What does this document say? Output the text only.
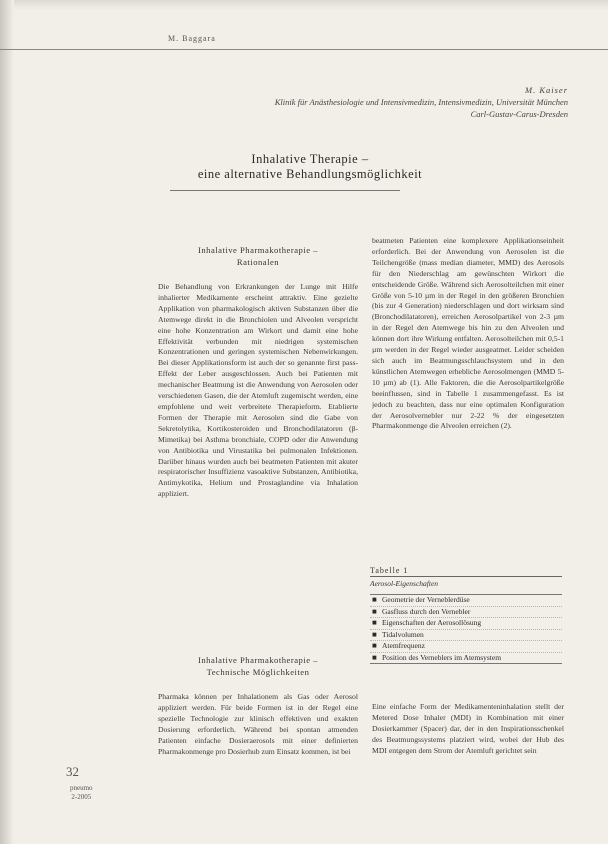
M. Baggara
M. Kaiser
Klinik für Anästhesiologie und Intensivmedizin, Intensivmedizin, Universität München
Carl-Gustav-Carus-Dresden
Inhalative Therapie –
eine alternative Behandlungsmöglichkeit
Inhalative Pharmakotherapie –
Rationalen

Die Behandlung von Erkrankungen der Lunge mit Hilfe inhalierter Medikamente erscheint attraktiv. Eine gezielte Applikation von pharmakologisch aktiven Substanzen über die Atemwege direkt in die Bronchiolen und Alveolen verspricht eine hohe Konzentration am Wirkort und damit eine hohe Effektivität verbunden mit niedrigen systemischen Konzentrationen und geringen systemischen Nebenwirkungen. Bei dieser Applikationsform ist auch der so genannte first pass-Effekt der Leber ausgeschlossen. Auch bei Patienten mit mechanischer Beatmung ist die Anwendung von Aerosolen oder verschiedenen Gasen, die der Atemluft zugemischt werden, eine empfohlene und weit verbreitete Therapieform. Etablierte Formen der Therapie mit Aerosolen sind die Gabe von Sekretolytika, Kortikosteroiden und Bronchodilatatoren (β-Mimetika) bei Asthma bronchiale, COPD oder die Anwendung von Antibiotika und Virustatika bei pulmonalen Infektionen. Darüber hinaus wurden auch bei beatmeten Patienten mit akuter respiratorischer Insuffizienz vasoaktive Substanzen, Antibiotika, Antimykotika, Helium und Prostaglandine via Inhalation appliziert.

Inhalative Pharmakotherapie –
Technische Möglichkeiten

Pharmaka können per Inhalationem als Gas oder Aerosol appliziert werden. Für beide Formen ist in der Regel eine spezielle Technologie zur klinisch effektiven und exakten Dosierung erforderlich. Während bei spontan atmenden Patienten einfache Dosieraerosols mit einer definierten Pharmakonmenge pro Dosierhub zum Einsatz kommen, ist bei

beatmeten Patienten eine komplexere Applikationseinheit erforderlich. Bei der Anwendung von Aerosolen ist die Teilchengröße (mass median diameter, MMD) des Aerosols für den Niederschlag am gewünschten Wirkort die entscheidende Größe. Während sich Aerosolteilchen mit einer Größe von 5-10 µm in der Regel in den größeren Bronchien (bis zur 4 Generation) niederschlagen und dort wirksam sind (Bronchodilatatoren), erreichen Aerosolpartikel von 2-3 µm in der Regel den Atemwege bis hin zu den Alveolen und können dort ihre Wirkung entfalten. Aerosolteilchen mit 0,5-1 µm werden in der Regel wieder ausgeatmet. Leider scheiden sich auch im Beatmungsschlauchsystem und in den künstlichen Atemwegen erhebliche Aerosolmengen (MMD 5-10 µm) ab (1). Alle Faktoren, die die Aerosolpartikelgröße beeinflussen, sind in Tabelle 1 zusammengefasst. Es ist jedoch zu beachten, dass nur eine optimalen Konfiguration der Aerosolvernebler nur 2-22 % der eingesetzten Pharmakonmenge die Alveolen erreichen (2).

Tabelle 1
Aerosol-Eigenschaften
■ Geometrie der Verneblerdüse
■ Gasfluss durch den Vernebler
■ Eigenschaften der Aerosollösung
■ Tidalvolumen
■ Atemfrequenz
■ Position des Verneblers im Atemsystem

Eine einfache Form der Medikamenteninhalation stellt der Metered Dose Inhaler (MDI) in Kombination mit einer Dosierkammer (Spacer) dar, der in den Inspirationsschenkel des Beatmungssystems platziert wird, wobei der Hub des MDI entgegen dem Strom der Atemluft gerichtet sein

32
pneumo
2-2005
